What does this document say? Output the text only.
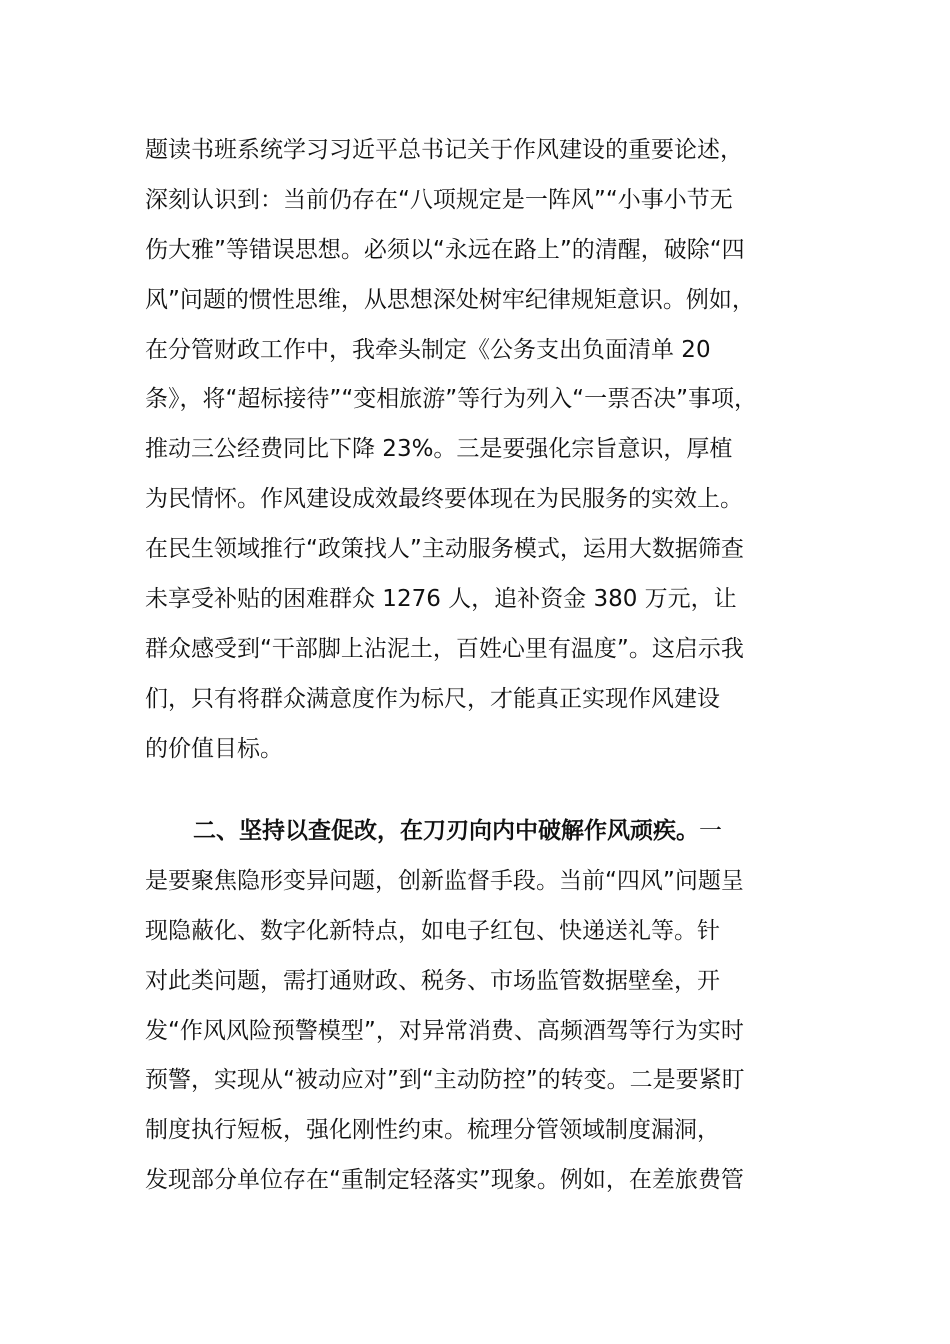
题读书班系统学习习近平总书记关于作风建设的重要论述，
深刻认识到：当前仍存在“八项规定是一阵风”“小事小节无
伤大雅”等错误思想。必须以“永远在路上”的清醒，破除“四
风”问题的惯性思维，从思想深处树牢纪律规矩意识。例如，
在分管财政工作中，我牵头制定《公务支出负面清单 20
条》，将“超标接待”“变相旅游”等行为列入“一票否决”事项，
推动三公经费同比下降 23%。三是要强化宗旨意识，厚植
为民情怀。作风建设成效最终要体现在为民服务的实效上。
在民生领域推行“政策找人”主动服务模式，运用大数据筛查
未享受补贴的困难群众 1276 人，追补资金 380 万元，让
群众感受到“干部脚上沾泥土，百姓心里有温度”。这启示我
们，只有将群众满意度作为标尺，才能真正实现作风建设
的价值目标。
二、坚持以查促改，在刀刃向内中破解作风顽疾。一
是要聚焦隐形变异问题，创新监督手段。当前“四风”问题呈
现隐蔽化、数字化新特点，如电子红包、快递送礼等。针
对此类问题，需打通财政、税务、市场监管数据壁垒，开
发“作风风险预警模型”，对异常消费、高频酒驾等行为实时
预警，实现从“被动应对”到“主动防控”的转变。二是要紧盯
制度执行短板，强化刚性约束。梳理分管领域制度漏洞，
发现部分单位存在“重制定轻落实”现象。例如，在差旅费管
